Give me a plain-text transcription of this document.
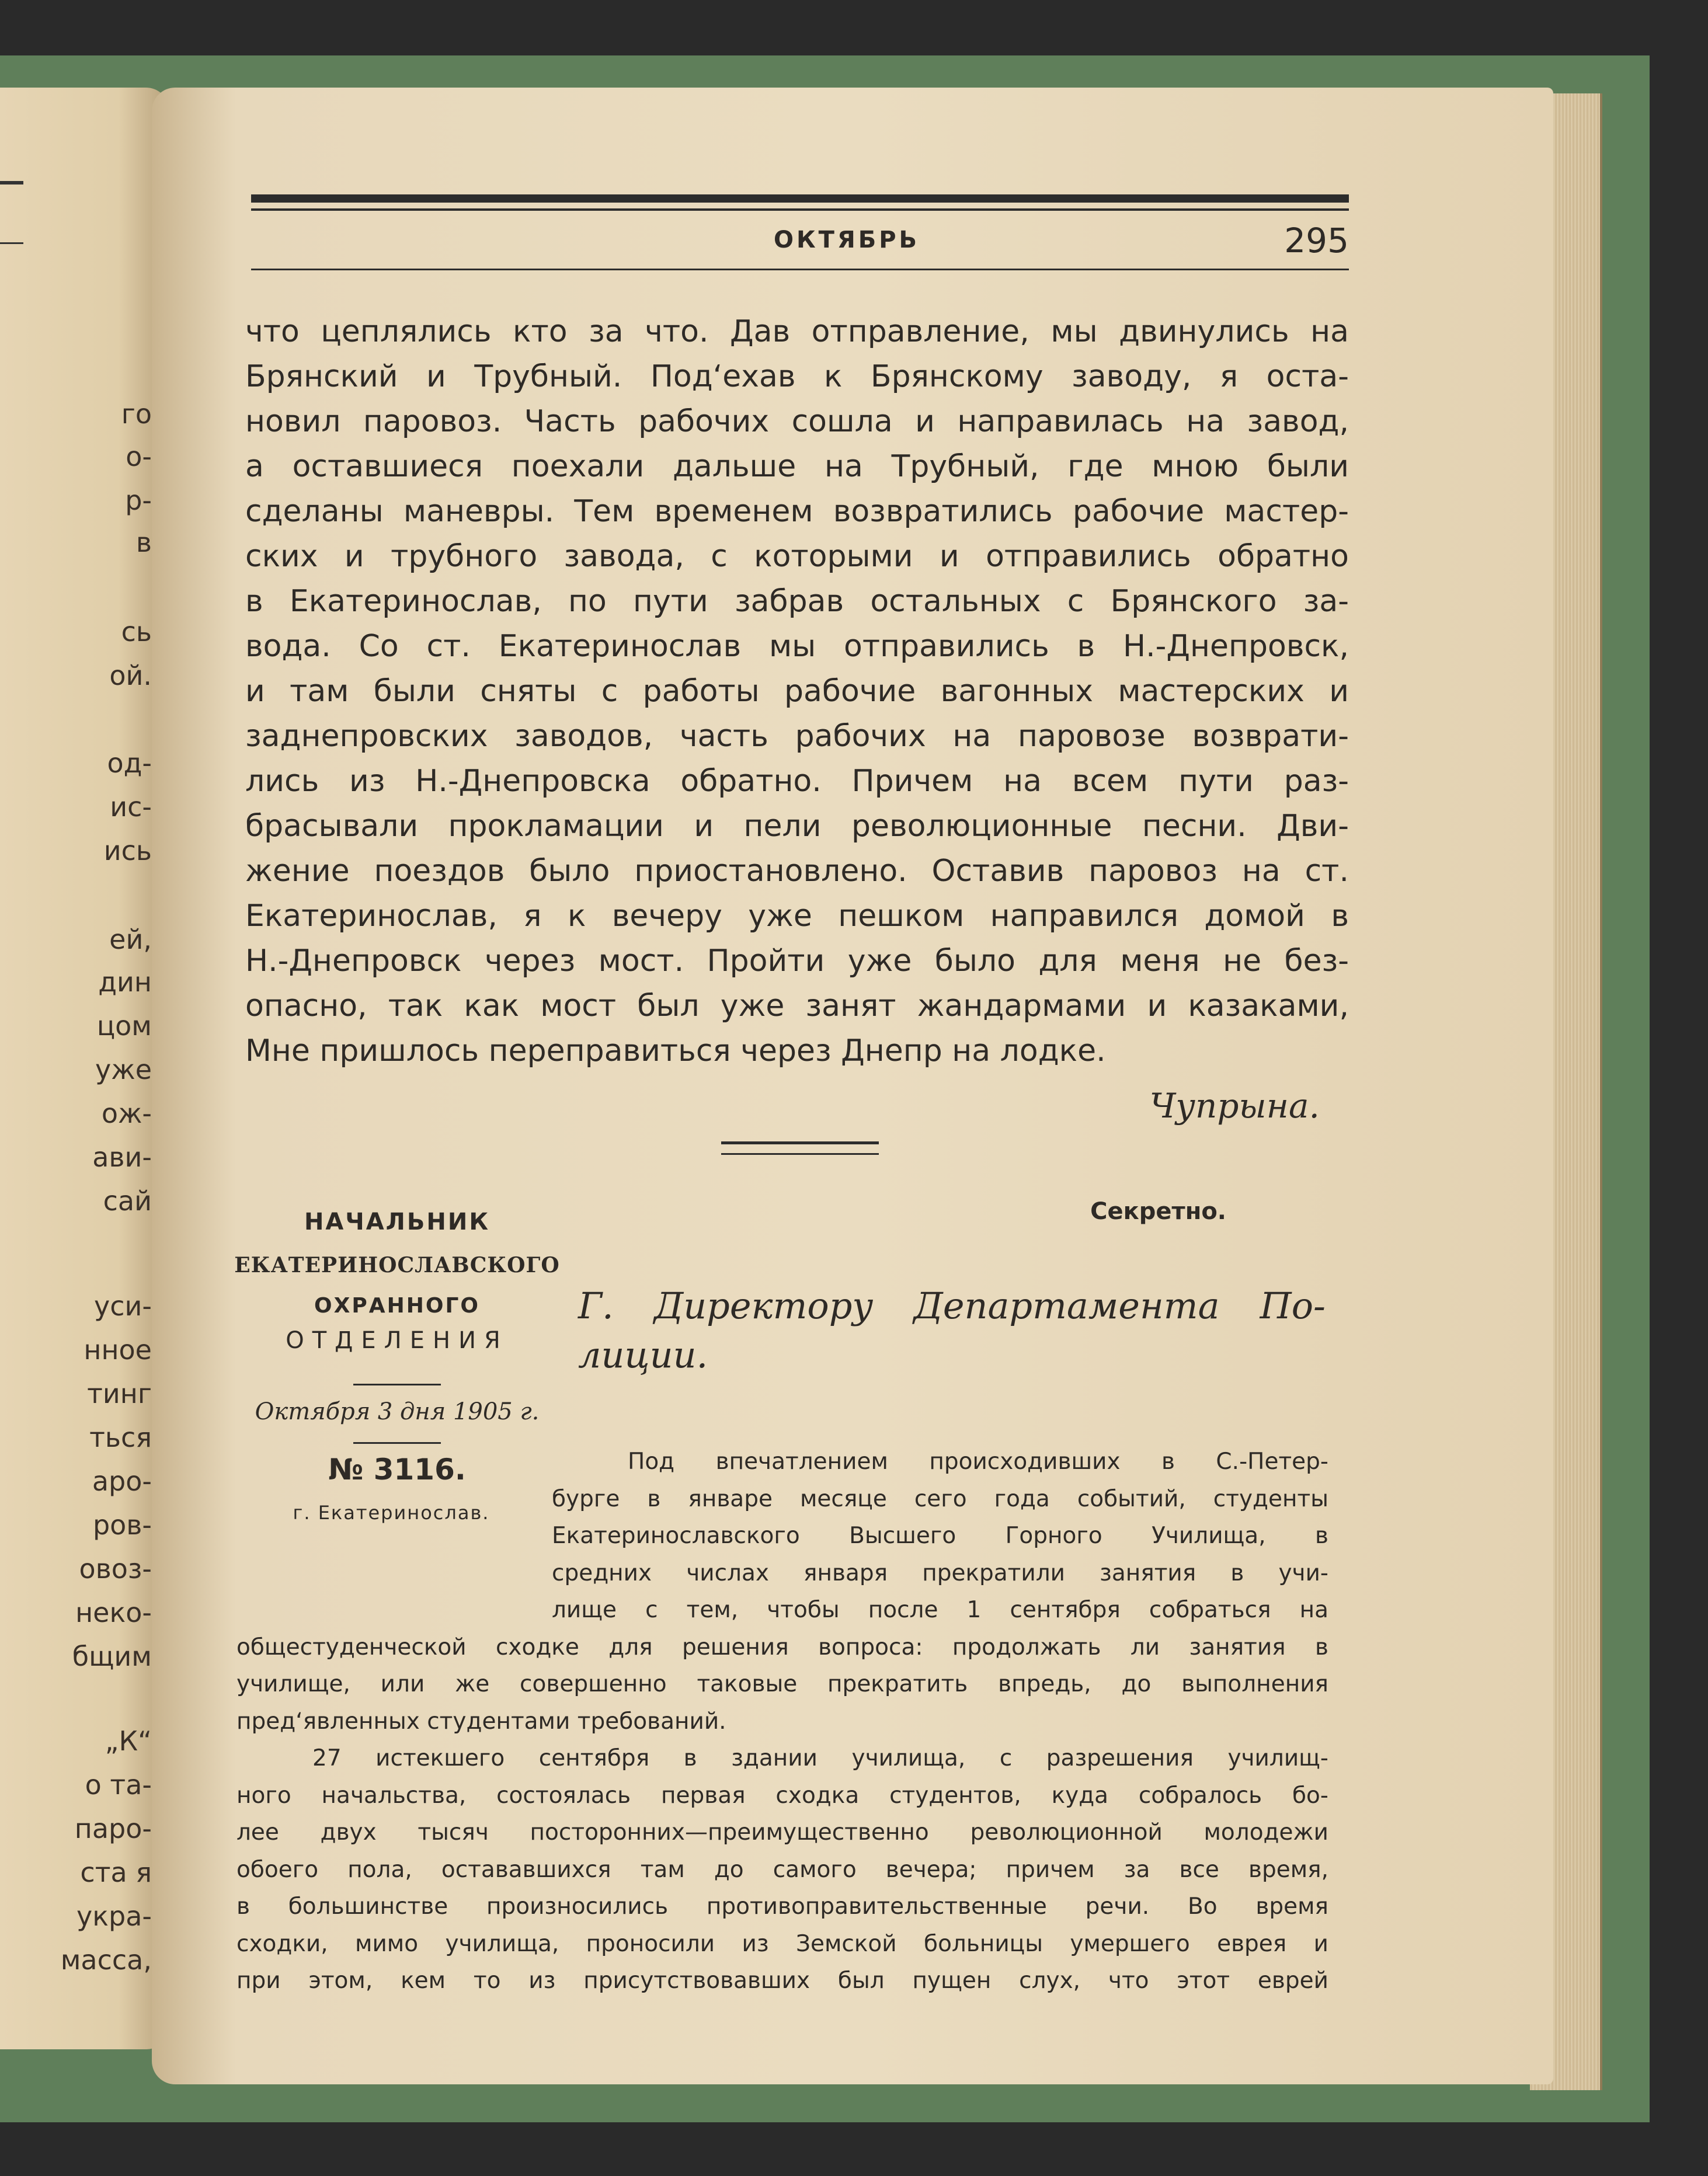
го
о-
р-
в
сь
ой.
од-
ис-
ись
ей,
дин
цом
уже
ож-
ави-
сай
уси-
нное
тинг
ться
аро-
ров-
овоз-
неко-
бщим
„К“
о та-
паро-
ста я
укра-
масса,
ОКТЯБРЬ	295
что цеплялись кто за что. Дав отправление, мы двинулись на
Брянский и Трубный. Под‘ехав к Брянскому заводу, я оста-
новил паровоз. Часть рабочих сошла и направилась на завод,
а оставшиеся поехали дальше на Трубный, где мною были
сделаны маневры. Тем временем возвратились рабочие мастер-
ских и трубного завода, с которыми и отправились обратно
в Екатеринослав, по пути забрав остальных с Брянского за-
вода. Со ст. Екатеринослав мы отправились в Н.-Днепровск,
и там были сняты с работы рабочие вагонных мастерских и
заднепровских заводов, часть рабочих на паровозе возврати-
лись из Н.-Днепровска обратно. Причем на всем пути раз-
брасывали прокламации и пели революционные песни. Дви-
жение поездов было приостановлено. Оставив паровоз на ст.
Екатеринослав, я к вечеру уже пешком направился домой в
Н.-Днепровск через мост. Пройти уже было для меня не без-
опасно, так как мост был уже занят жандармами и казаками,
Мне пришлось переправиться через Днепр на лодке.
Чупрына.
Секретно.
НАЧАЛЬНИК
ЕКАТЕРИНОСЛАВСКОГО
ОХРАННОГО
ОТДЕЛЕНИЯ
Октября 3 дня 1905 г.
№ 3116.
г. Екатеринослав.
Г. Директору Департамента По-
лиции.
Под впечатлением происходивших в С.-Петер-
бурге в январе месяце сего года событий, студенты
Екатеринославского Высшего Горного Училища, в
средних числах января прекратили занятия в учи-
лище с тем, чтобы после 1 сентября собраться на
общестуденческой сходке для решения вопроса: продолжать ли занятия в
училище, или же совершенно таковые прекратить впредь, до выполнения
пред‘явленных студентами требований.
27 истекшего сентября в здании училища, с разрешения училищ-
ного начальства, состоялась первая сходка студентов, куда собралось бо-
лее двух тысяч посторонних—преимущественно революционной молодежи
обоего пола, остававшихся там до самого вечера; причем за все время,
в большинстве произносились противоправительственные речи. Во время
сходки, мимо училища, проносили из Земской больницы умершего еврея и
при этом, кем то из присутствовавших был пущен слух, что этот еврей
